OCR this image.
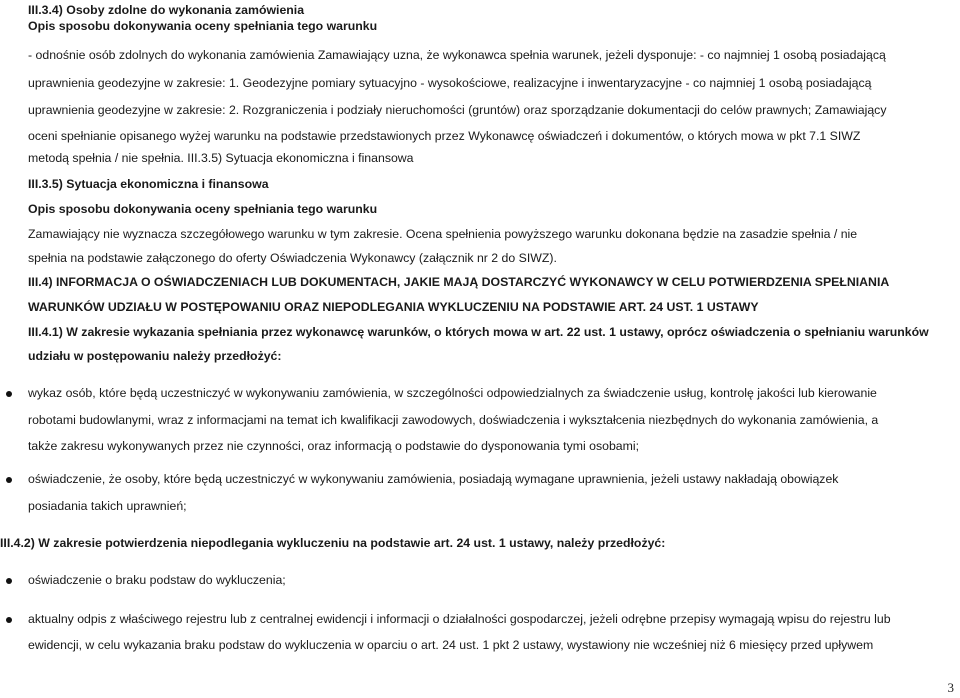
III.3.4) Osoby zdolne do wykonania zamówienia
Opis sposobu dokonywania oceny spełniania tego warunku
- odnośnie osób zdolnych do wykonania zamówienia Zamawiający uzna, że wykonawca spełnia warunek, jeżeli dysponuje: - co najmniej 1 osobą posiadającą
uprawnienia geodezyjne w zakresie: 1. Geodezyjne pomiary sytuacyjno - wysokościowe, realizacyjne i inwentaryzacyjne - co najmniej 1 osobą posiadającą
uprawnienia geodezyjne w zakresie: 2. Rozgraniczenia i podziały nieruchomości (gruntów) oraz sporządzanie dokumentacji do celów prawnych; Zamawiający
oceni spełnianie opisanego wyżej warunku na podstawie przedstawionych przez Wykonawcę oświadczeń i dokumentów, o których mowa w pkt 7.1 SIWZ
metodą spełnia / nie spełnia. III.3.5) Sytuacja ekonomiczna i finansowa
III.3.5) Sytuacja ekonomiczna i finansowa
Opis sposobu dokonywania oceny spełniania tego warunku
Zamawiający nie wyznacza szczegółowego warunku w tym zakresie. Ocena spełnienia powyższego warunku dokonana będzie na zasadzie spełnia / nie
spełnia na podstawie załączonego do oferty Oświadczenia Wykonawcy (załącznik nr 2 do SIWZ).
III.4) INFORMACJA O OŚWIADCZENIACH LUB DOKUMENTACH, JAKIE MAJĄ DOSTARCZYĆ WYKONAWCY W CELU POTWIERDZENIA SPEŁNIANIA
WARUNKÓW UDZIAŁU W POSTĘPOWANIU ORAZ NIEPODLEGANIA WYKLUCZENIU NA PODSTAWIE ART. 24 UST. 1 USTAWY
III.4.1) W zakresie wykazania spełniania przez wykonawcę warunków, o których mowa w art. 22 ust. 1 ustawy, oprócz oświadczenia o spełnianiu warunków
udziału w postępowaniu należy przedłożyć:
wykaz osób, które będą uczestniczyć w wykonywaniu zamówienia, w szczególności odpowiedzialnych za świadczenie usług, kontrolę jakości lub kierowanie
robotami budowlanymi, wraz z informacjami na temat ich kwalifikacji zawodowych, doświadczenia i wykształcenia niezbędnych do wykonania zamówienia, a
także zakresu wykonywanych przez nie czynności, oraz informacją o podstawie do dysponowania tymi osobami;
oświadczenie, że osoby, które będą uczestniczyć w wykonywaniu zamówienia, posiadają wymagane uprawnienia, jeżeli ustawy nakładają obowiązek
posiadania takich uprawnień;
III.4.2) W zakresie potwierdzenia niepodlegania wykluczeniu na podstawie art. 24 ust. 1 ustawy, należy przedłożyć:
oświadczenie o braku podstaw do wykluczenia;
aktualny odpis z właściwego rejestru lub z centralnej ewidencji i informacji o działalności gospodarczej, jeżeli odrębne przepisy wymagają wpisu do rejestru lub
ewidencji, w celu wykazania braku podstaw do wykluczenia w oparciu o art. 24 ust. 1 pkt 2 ustawy, wystawiony nie wcześniej niż 6 miesięcy przed upływem
3
